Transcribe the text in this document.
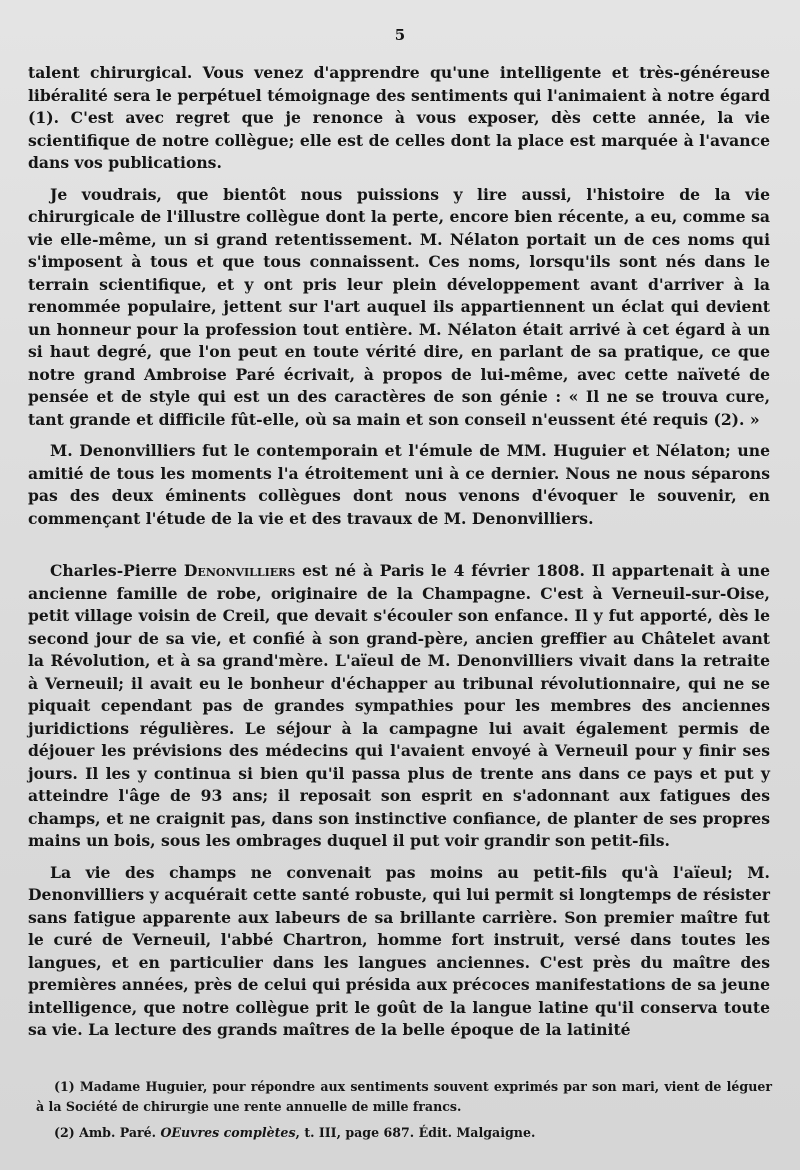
5

talent chirurgical. Vous venez d'apprendre qu'une intelligente et très-généreuse libéralité sera le perpétuel témoignage des sentiments qui l'animaient à notre égard (1). C'est avec regret que je renonce à vous exposer, dès cette année, la vie scientifique de notre collègue; elle est de celles dont la place est marquée à l'avance dans vos publications.

Je voudrais, que bientôt nous puissions y lire aussi, l'histoire de la vie chirurgicale de l'illustre collègue dont la perte, encore bien récente, a eu, comme sa vie elle-même, un si grand retentissement. M. Nélaton portait un de ces noms qui s'imposent à tous et que tous connaissent. Ces noms, lorsqu'ils sont nés dans le terrain scientifique, et y ont pris leur plein développement avant d'arriver à la renommée populaire, jettent sur l'art auquel ils appartiennent un éclat qui devient un honneur pour la profession tout entière. M. Nélaton était arrivé à cet égard à un si haut degré, que l'on peut en toute vérité dire, en parlant de sa pratique, ce que notre grand Ambroise Paré écrivait, à propos de lui-même, avec cette naïveté de pensée et de style qui est un des caractères de son génie : « Il ne se trouva cure, tant grande et difficile fût-elle, où sa main et son conseil n'eussent été requis (2). »

M. Denonvilliers fut le contemporain et l'émule de MM. Huguier et Nélaton; une amitié de tous les moments l'a étroitement uni à ce dernier. Nous ne nous séparons pas des deux éminents collègues dont nous venons d'évoquer le souvenir, en commençant l'étude de la vie et des travaux de M. Denonvilliers.

Charles-Pierre Denonvilliers est né à Paris le 4 février 1808. Il appartenait à une ancienne famille de robe, originaire de la Champagne. C'est à Verneuil-sur-Oise, petit village voisin de Creil, que devait s'écouler son enfance. Il y fut apporté, dès le second jour de sa vie, et confié à son grand-père, ancien greffier au Châtelet avant la Révolution, et à sa grand'mère. L'aïeul de M. Denonvilliers vivait dans la retraite à Verneuil; il avait eu le bonheur d'échapper au tribunal révolutionnaire, qui ne se piquait cependant pas de grandes sympathies pour les membres des anciennes juridictions régulières. Le séjour à la campagne lui avait également permis de déjouer les prévisions des médecins qui l'avaient envoyé à Verneuil pour y finir ses jours. Il les y continua si bien qu'il passa plus de trente ans dans ce pays et put y atteindre l'âge de 93 ans; il reposait son esprit en s'adonnant aux fatigues des champs, et ne craignit pas, dans son instinctive confiance, de planter de ses propres mains un bois, sous les ombrages duquel il put voir grandir son petit-fils.

La vie des champs ne convenait pas moins au petit-fils qu'à l'aïeul; M. Denonvilliers y acquérait cette santé robuste, qui lui permit si longtemps de résister sans fatigue apparente aux labeurs de sa brillante carrière. Son premier maître fut le curé de Verneuil, l'abbé Chartron, homme fort instruit, versé dans toutes les langues, et en particulier dans les langues anciennes. C'est près du maître des premières années, près de celui qui présida aux précoces manifestations de sa jeune intelligence, que notre collègue prit le goût de la langue latine qu'il conserva toute sa vie. La lecture des grands maîtres de la belle époque de la latinité

(1) Madame Huguier, pour répondre aux sentiments souvent exprimés par son mari, vient de léguer à la Société de chirurgie une rente annuelle de mille francs.

(2) Amb. Paré. OEuvres complètes, t. III, page 687. Édit. Malgaigne.
